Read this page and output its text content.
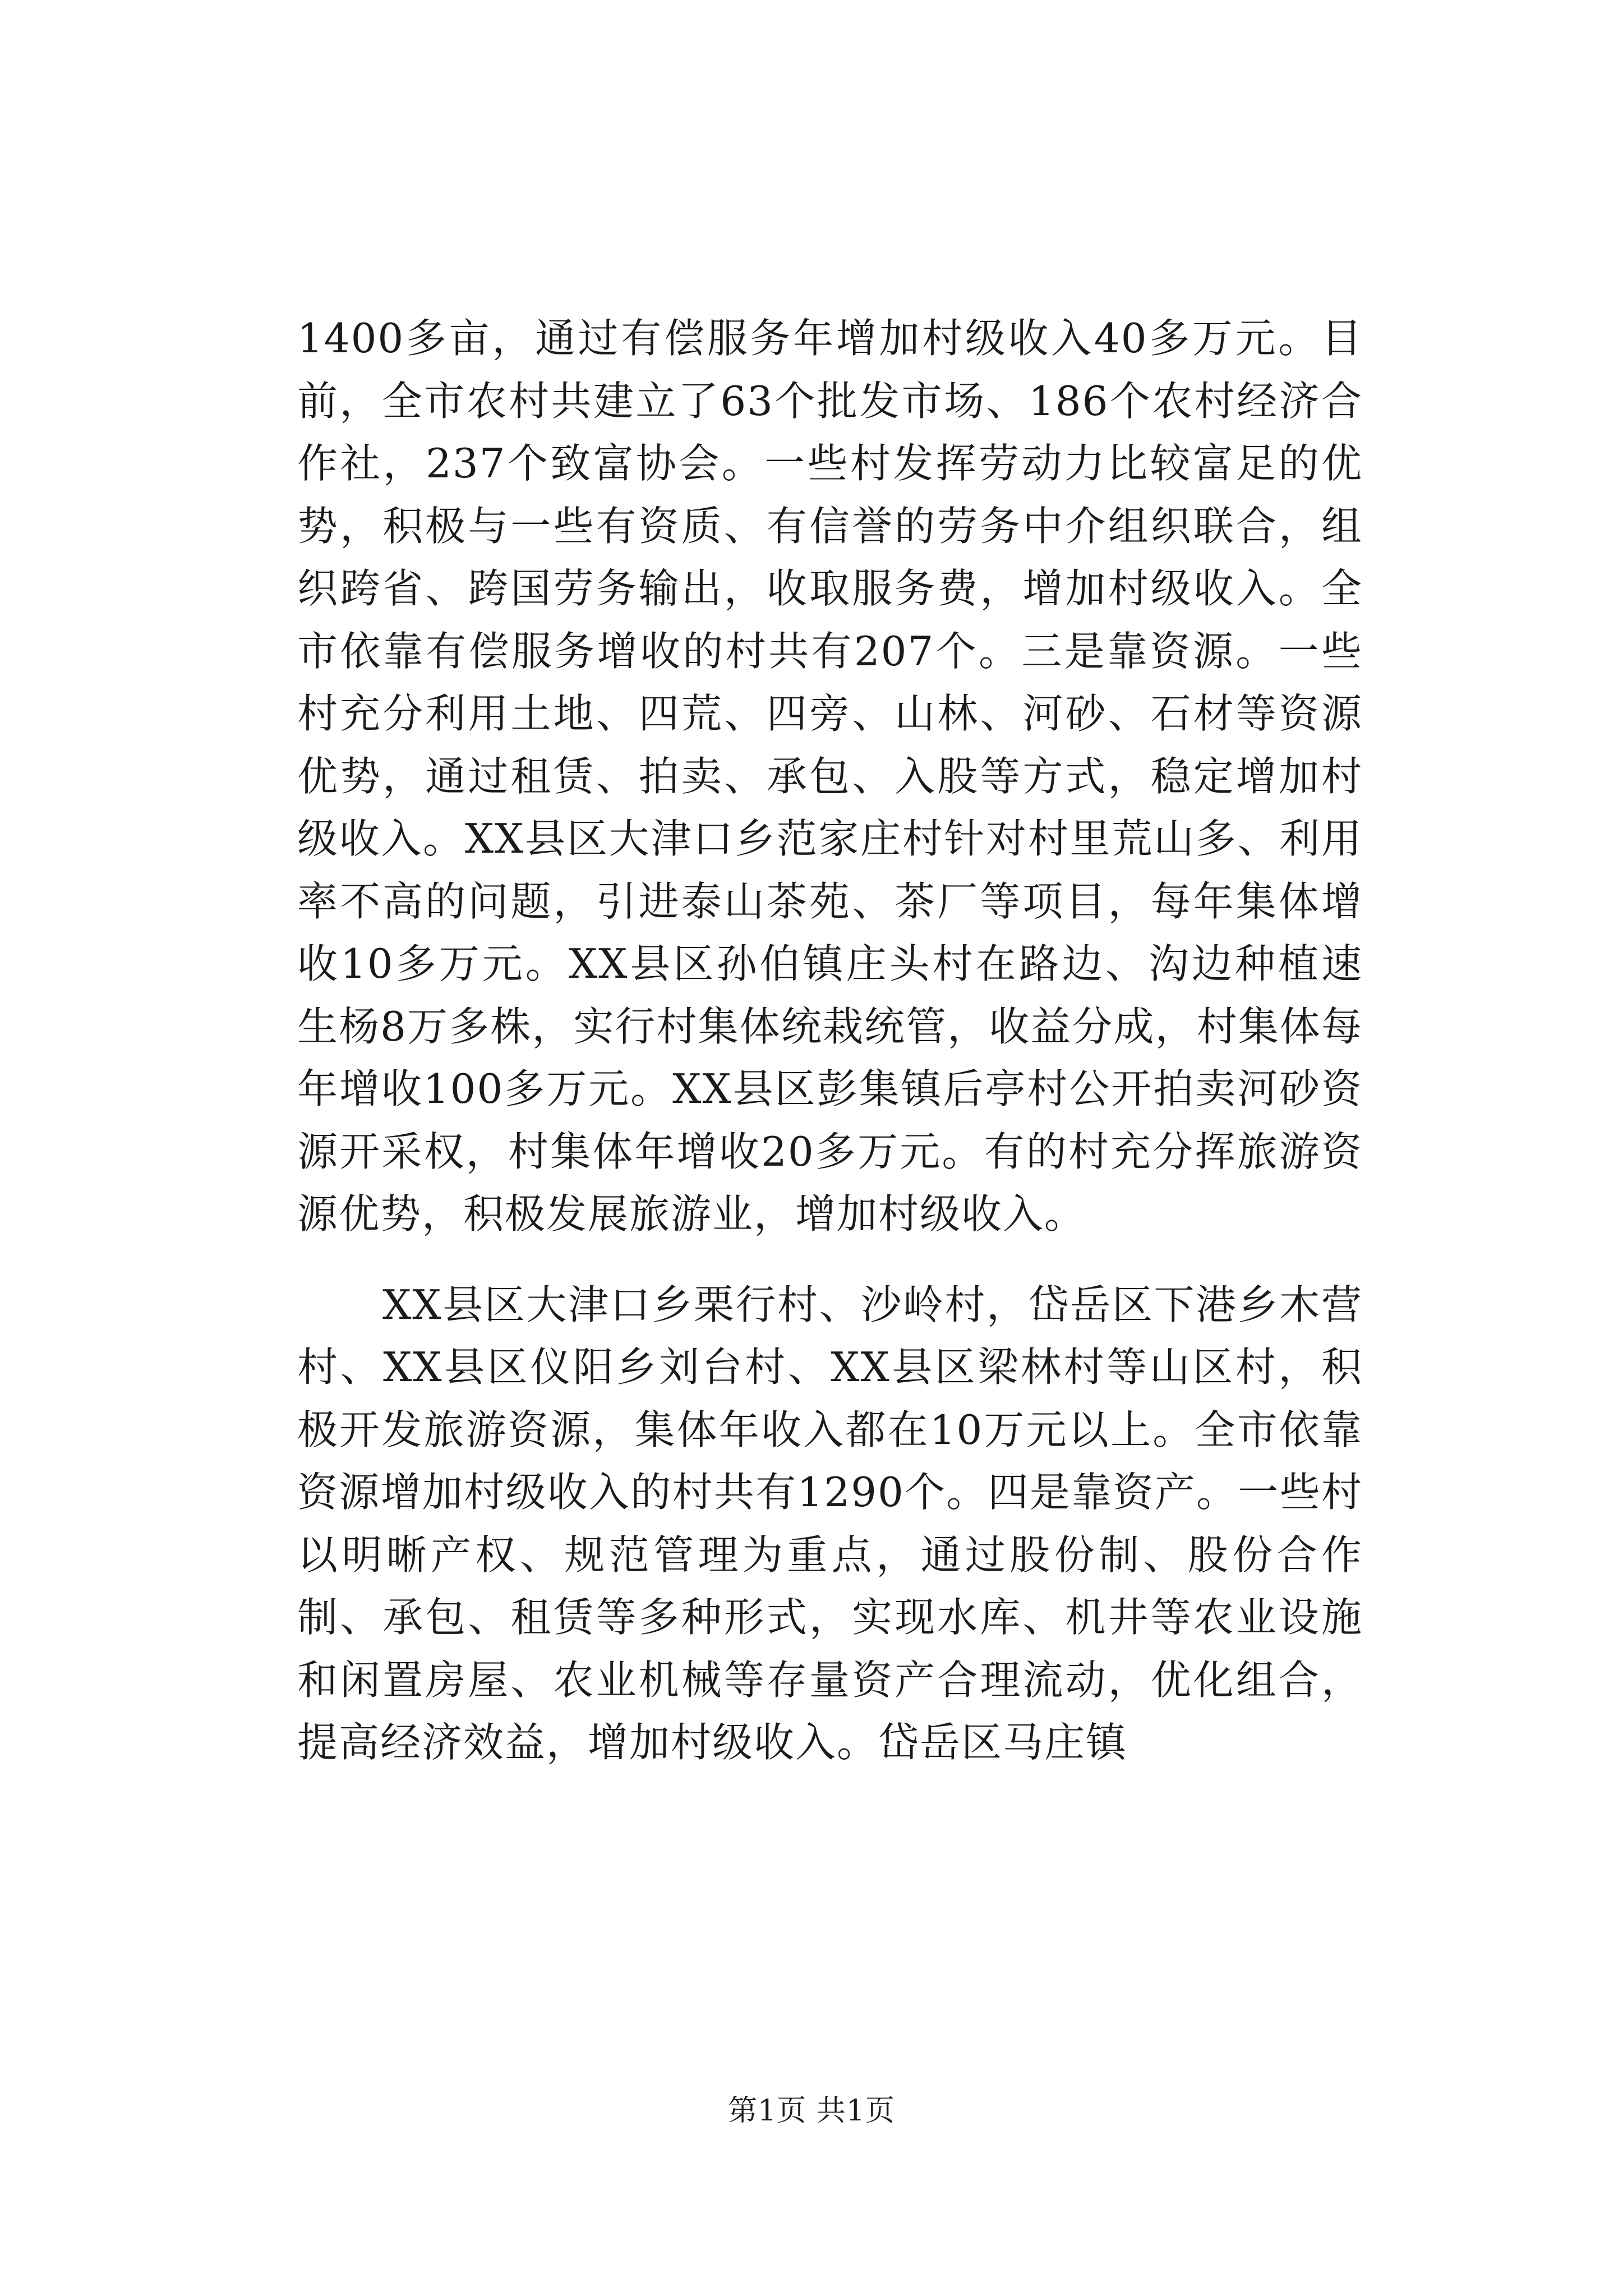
1400多亩，通过有偿服务年增加村级收入40多万元。目前，全市农村共建立了63个批发市场、186个农村经济合作社，237个致富协会。一些村发挥劳动力比较富足的优势，积极与一些有资质、有信誉的劳务中介组织联合，组织跨省、跨国劳务输出，收取服务费，增加村级收入。全市依靠有偿服务增收的村共有207个。三是靠资源。一些村充分利用土地、四荒、四旁、山林、河砂、石材等资源优势，通过租赁、拍卖、承包、入股等方式，稳定增加村级收入。XX县区大津口乡范家庄村针对村里荒山多、利用率不高的问题，引进泰山茶苑、茶厂等项目，每年集体增收10多万元。XX县区孙伯镇庄头村在路边、沟边种植速生杨8万多株，实行村集体统栽统管，收益分成，村集体每年增收100多万元。XX县区彭集镇后亭村公开拍卖河砂资源开采权，村集体年增收20多万元。有的村充分挥旅游资源优势，积极发展旅游业，增加村级收入。

XX县区大津口乡栗行村、沙岭村，岱岳区下港乡木营村、XX县区仪阳乡刘台村、XX县区梁林村等山区村，积极开发旅游资源，集体年收入都在10万元以上。全市依靠资源增加村级收入的村共有1290个。四是靠资产。一些村以明晰产权、规范管理为重点，通过股份制、股份合作制、承包、租赁等多种形式，实现水库、机井等农业设施和闲置房屋、农业机械等存量资产合理流动，优化组合，提高经济效益，增加村级收入。岱岳区马庄镇

第1页 共1页
